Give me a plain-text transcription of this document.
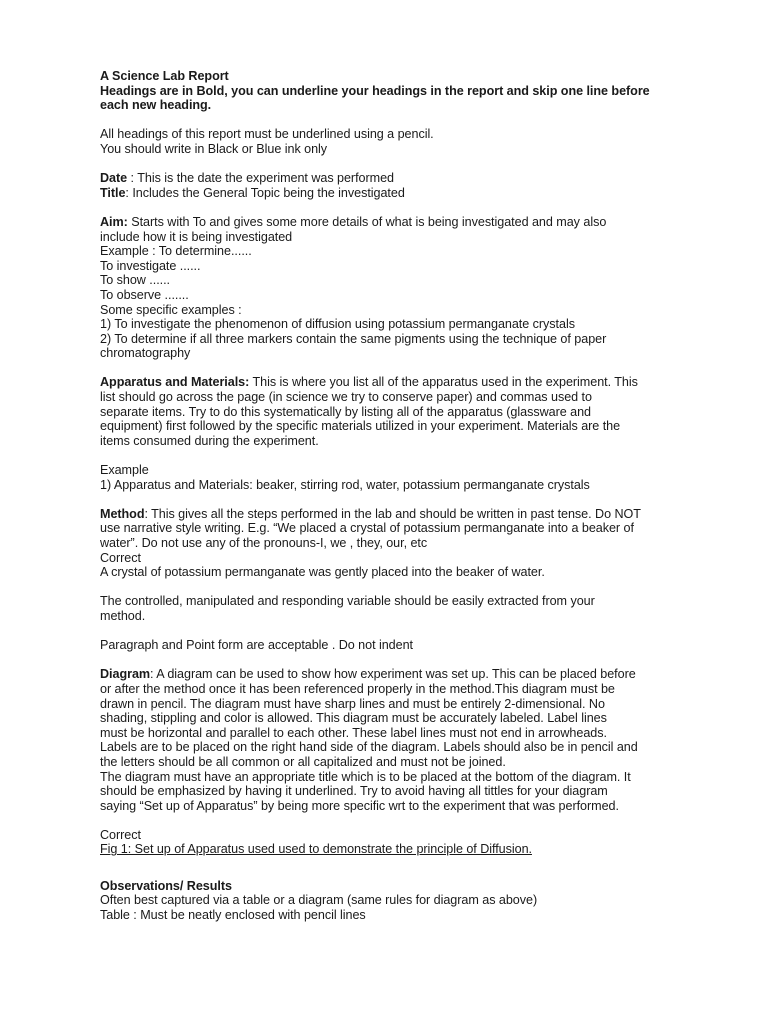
A Science Lab Report
Headings are in Bold, you can underline your headings in the report and skip one line before
each new heading.
All headings of this report must be underlined using a pencil.
You should write in Black or Blue ink only
Date : This is the date the experiment was performed
Title: Includes the General Topic being the investigated
Aim: Starts with To and gives some more details of what is being investigated and may also
include how it is being investigated
Example : To determine......
To investigate ......
To show ......
To observe .......
Some specific examples :
1) To investigate the phenomenon of diffusion using potassium permanganate crystals
2) To determine if all three markers contain the same pigments using the technique of paper
chromatography
Apparatus and Materials: This is where you list all of the apparatus used in the experiment. This
list should go across the page (in science we try to conserve paper) and commas used to
separate items. Try to do this systematically by listing all of the apparatus (glassware and
equipment) first followed by the specific materials utilized in your experiment. Materials are the
items consumed during the experiment.
Example
1) Apparatus and Materials: beaker, stirring rod, water, potassium permanganate crystals
Method: This gives all the steps performed in the lab and should be written in past tense. Do NOT
use narrative style writing. E.g. “We placed a crystal of potassium permanganate into a beaker of
water”. Do not use any of the pronouns-I, we , they, our, etc
Correct
A crystal of potassium permanganate was gently placed into the beaker of water.
The controlled, manipulated and responding variable should be easily extracted from your
method.
Paragraph and Point form are acceptable . Do not indent
Diagram: A diagram can be used to show how experiment was set up. This can be placed before
or after the method once it has been referenced properly in the method.This diagram must be
drawn in pencil. The diagram must have sharp lines and must be entirely 2-dimensional. No
shading, stippling and color is allowed. This diagram must be accurately labeled. Label lines
must be horizontal and parallel to each other. These label lines must not end in arrowheads.
Labels are to be placed on the right hand side of the diagram. Labels should also be in pencil and
the letters should be all common or all capitalized and must not be joined.
The diagram must have an appropriate title which is to be placed at the bottom of the diagram. It
should be emphasized by having it underlined. Try to avoid having all tittles for your diagram
saying “Set up of Apparatus” by being more specific wrt to the experiment that was performed.
Correct
Fig 1: Set up of Apparatus used used to demonstrate the principle of Diffusion.
Observations/ Results
Often best captured via a table or a diagram (same rules for diagram as above)
Table : Must be neatly enclosed with pencil lines
